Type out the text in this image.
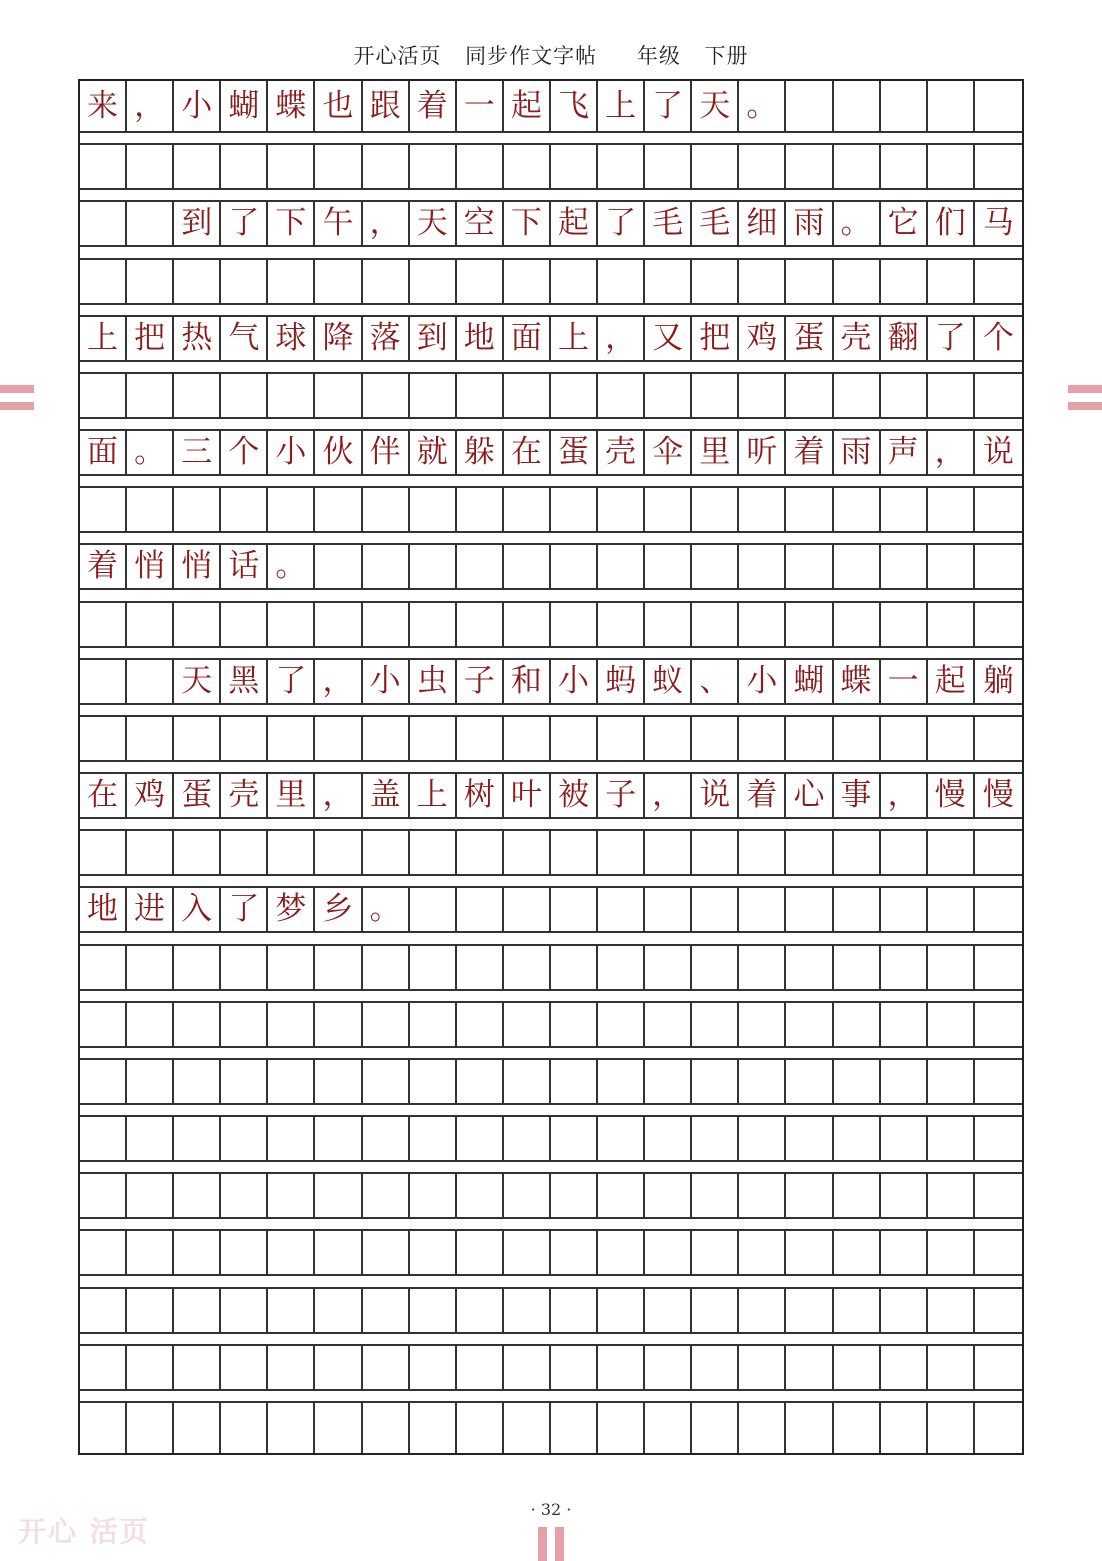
开心活页 同步作文字帖 年级 下册
来 ， 小 蝴 蝶 也 跟 着 一 起 飞 上 了 天 。
到 了 下 午 ， 天 空 下 起 了 毛 毛 细 雨 。 它 们 马
上 把 热 气 球 降 落 到 地 面 上 ， 又 把 鸡 蛋 壳 翻 了 个
面 。 三 个 小 伙 伴 就 躲 在 蛋 壳 伞 里 听 着 雨 声 ， 说
着 悄 悄 话 。
天 黑 了 ， 小 虫 子 和 小 蚂 蚁 、 小 蝴 蝶 一 起 躺
在 鸡 蛋 壳 里 ， 盖 上 树 叶 被 子 ， 说 着 心 事 ， 慢 慢
地 进 入 了 梦 乡 。
开心 活页
· 32 ·
